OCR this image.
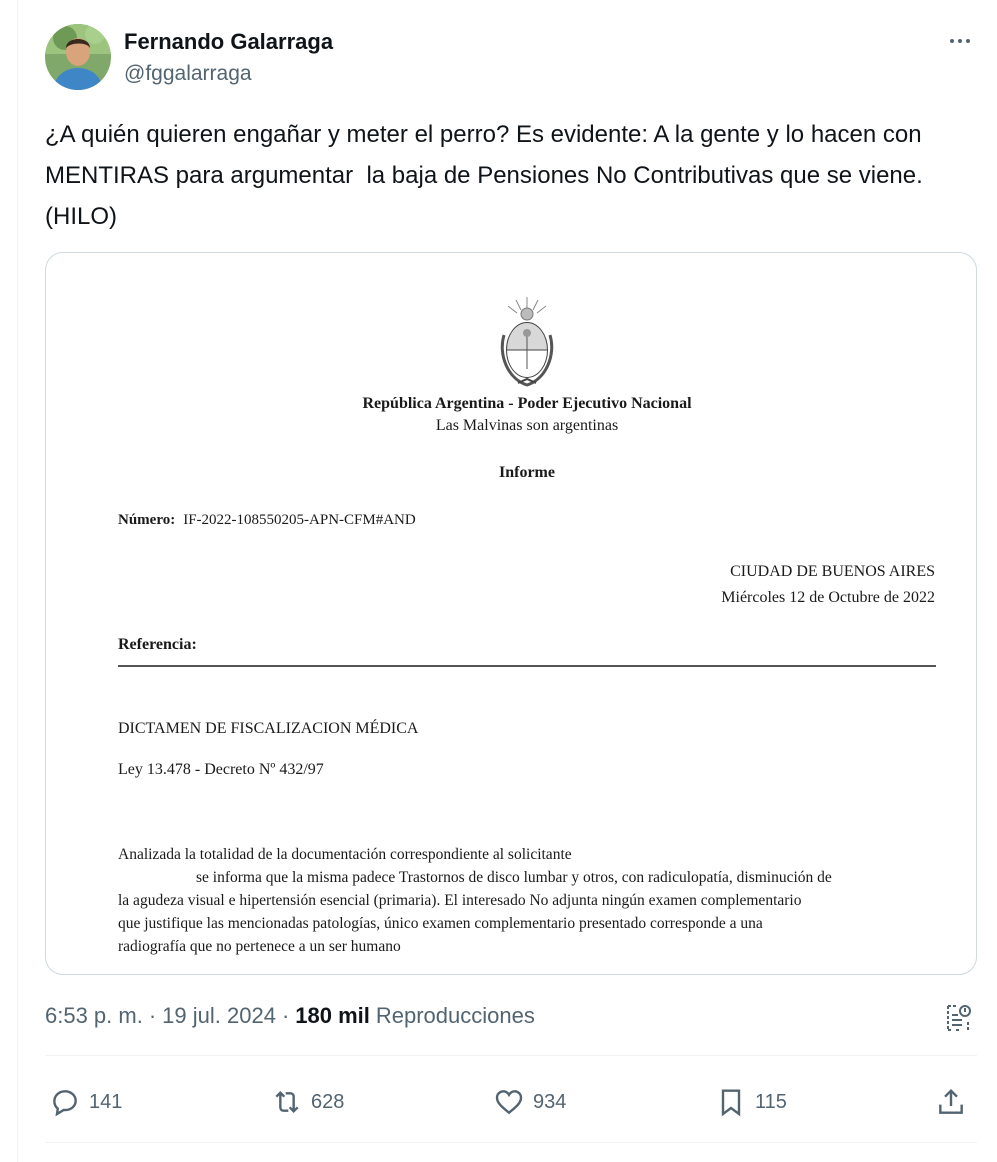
Fernando Galarraga
@fggalarraga
¿A quién quieren engañar y meter el perro? Es evidente: A la gente y lo hacen con MENTIRAS para argumentar  la baja de Pensiones No Contributivas que se viene.  (HILO)
República Argentina - Poder Ejecutivo Nacional
Las Malvinas son argentinas
Informe
Número: IF-2022-108550205-APN-CFM#AND
CIUDAD DE BUENOS AIRES
Miércoles 12 de Octubre de 2022
Referencia:
DICTAMEN DE FISCALIZACION MÉDICA
Ley 13.478 - Decreto Nº 432/97
Analizada la totalidad de la documentación correspondiente al solicitante
se informa que la misma padece Trastornos de disco lumbar y otros, con radiculopatía, disminución de
la agudeza visual e hipertensión esencial (primaria). El interesado No adjunta ningún examen complementario
que justifique las mencionadas patologías, único examen complementario presentado corresponde a una
radiografía que no pertenece a un ser humano
6:53 p. m. · 19 jul. 2024 · 180 mil Reproducciones
141	628	934	115
